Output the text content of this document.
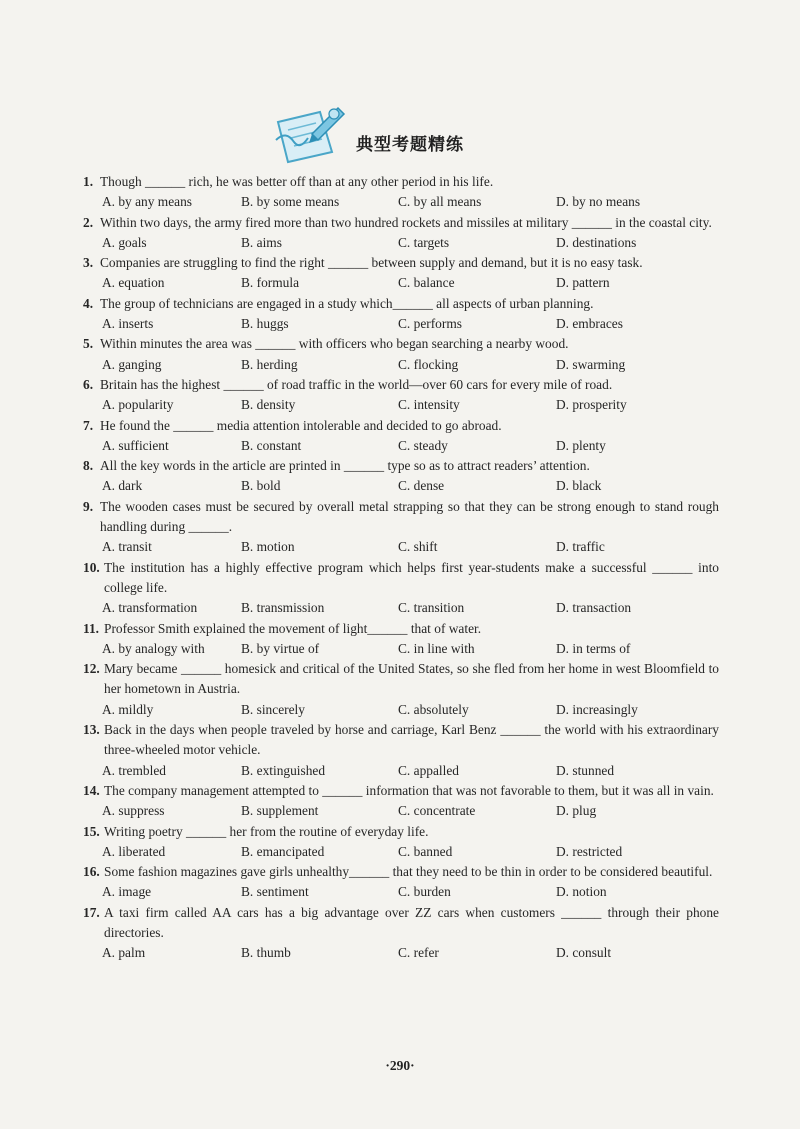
典型考题精练
1. Though ______ rich, he was better off than at any other period in his life.
A. by any means	B. by some means	C. by all means	D. by no means
2. Within two days, the army fired more than two hundred rockets and missiles at military ______ in the coastal city.
A. goals	B. aims	C. targets	D. destinations
3. Companies are struggling to find the right ______ between supply and demand, but it is no easy task.
A. equation	B. formula	C. balance	D. pattern
4. The group of technicians are engaged in a study which______ all aspects of urban planning.
A. inserts	B. huggs	C. performs	D. embraces
5. Within minutes the area was ______ with officers who began searching a nearby wood.
A. ganging	B. herding	C. flocking	D. swarming
6. Britain has the highest ______ of road traffic in the world—over 60 cars for every mile of road.
A. popularity	B. density	C. intensity	D. prosperity
7. He found the ______ media attention intolerable and decided to go abroad.
A. sufficient	B. constant	C. steady	D. plenty
8. All the key words in the article are printed in ______ type so as to attract readers’ attention.
A. dark	B. bold	C. dense	D. black
9. The wooden cases must be secured by overall metal strapping so that they can be strong enough to stand rough handling during ______.
A. transit	B. motion	C. shift	D. traffic
10. The institution has a highly effective program which helps first year-students make a successful ______ into college life.
A. transformation	B. transmission	C. transition	D. transaction
11. Professor Smith explained the movement of light______ that of water.
A. by analogy with	B. by virtue of	C. in line with	D. in terms of
12. Mary became ______ homesick and critical of the United States, so she fled from her home in west Bloomfield to her hometown in Austria.
A. mildly	B. sincerely	C. absolutely	D. increasingly
13. Back in the days when people traveled by horse and carriage, Karl Benz ______ the world with his extraordinary three-wheeled motor vehicle.
A. trembled	B. extinguished	C. appalled	D. stunned
14. The company management attempted to ______ information that was not favorable to them, but it was all in vain.
A. suppress	B. supplement	C. concentrate	D. plug
15. Writing poetry ______ her from the routine of everyday life.
A. liberated	B. emancipated	C. banned	D. restricted
16. Some fashion magazines gave girls unhealthy______ that they need to be thin in order to be considered beautiful.
A. image	B. sentiment	C. burden	D. notion
17. A taxi firm called AA cars has a big advantage over ZZ cars when customers ______ through their phone directories.
A. palm	B. thumb	C. refer	D. consult
·290·
